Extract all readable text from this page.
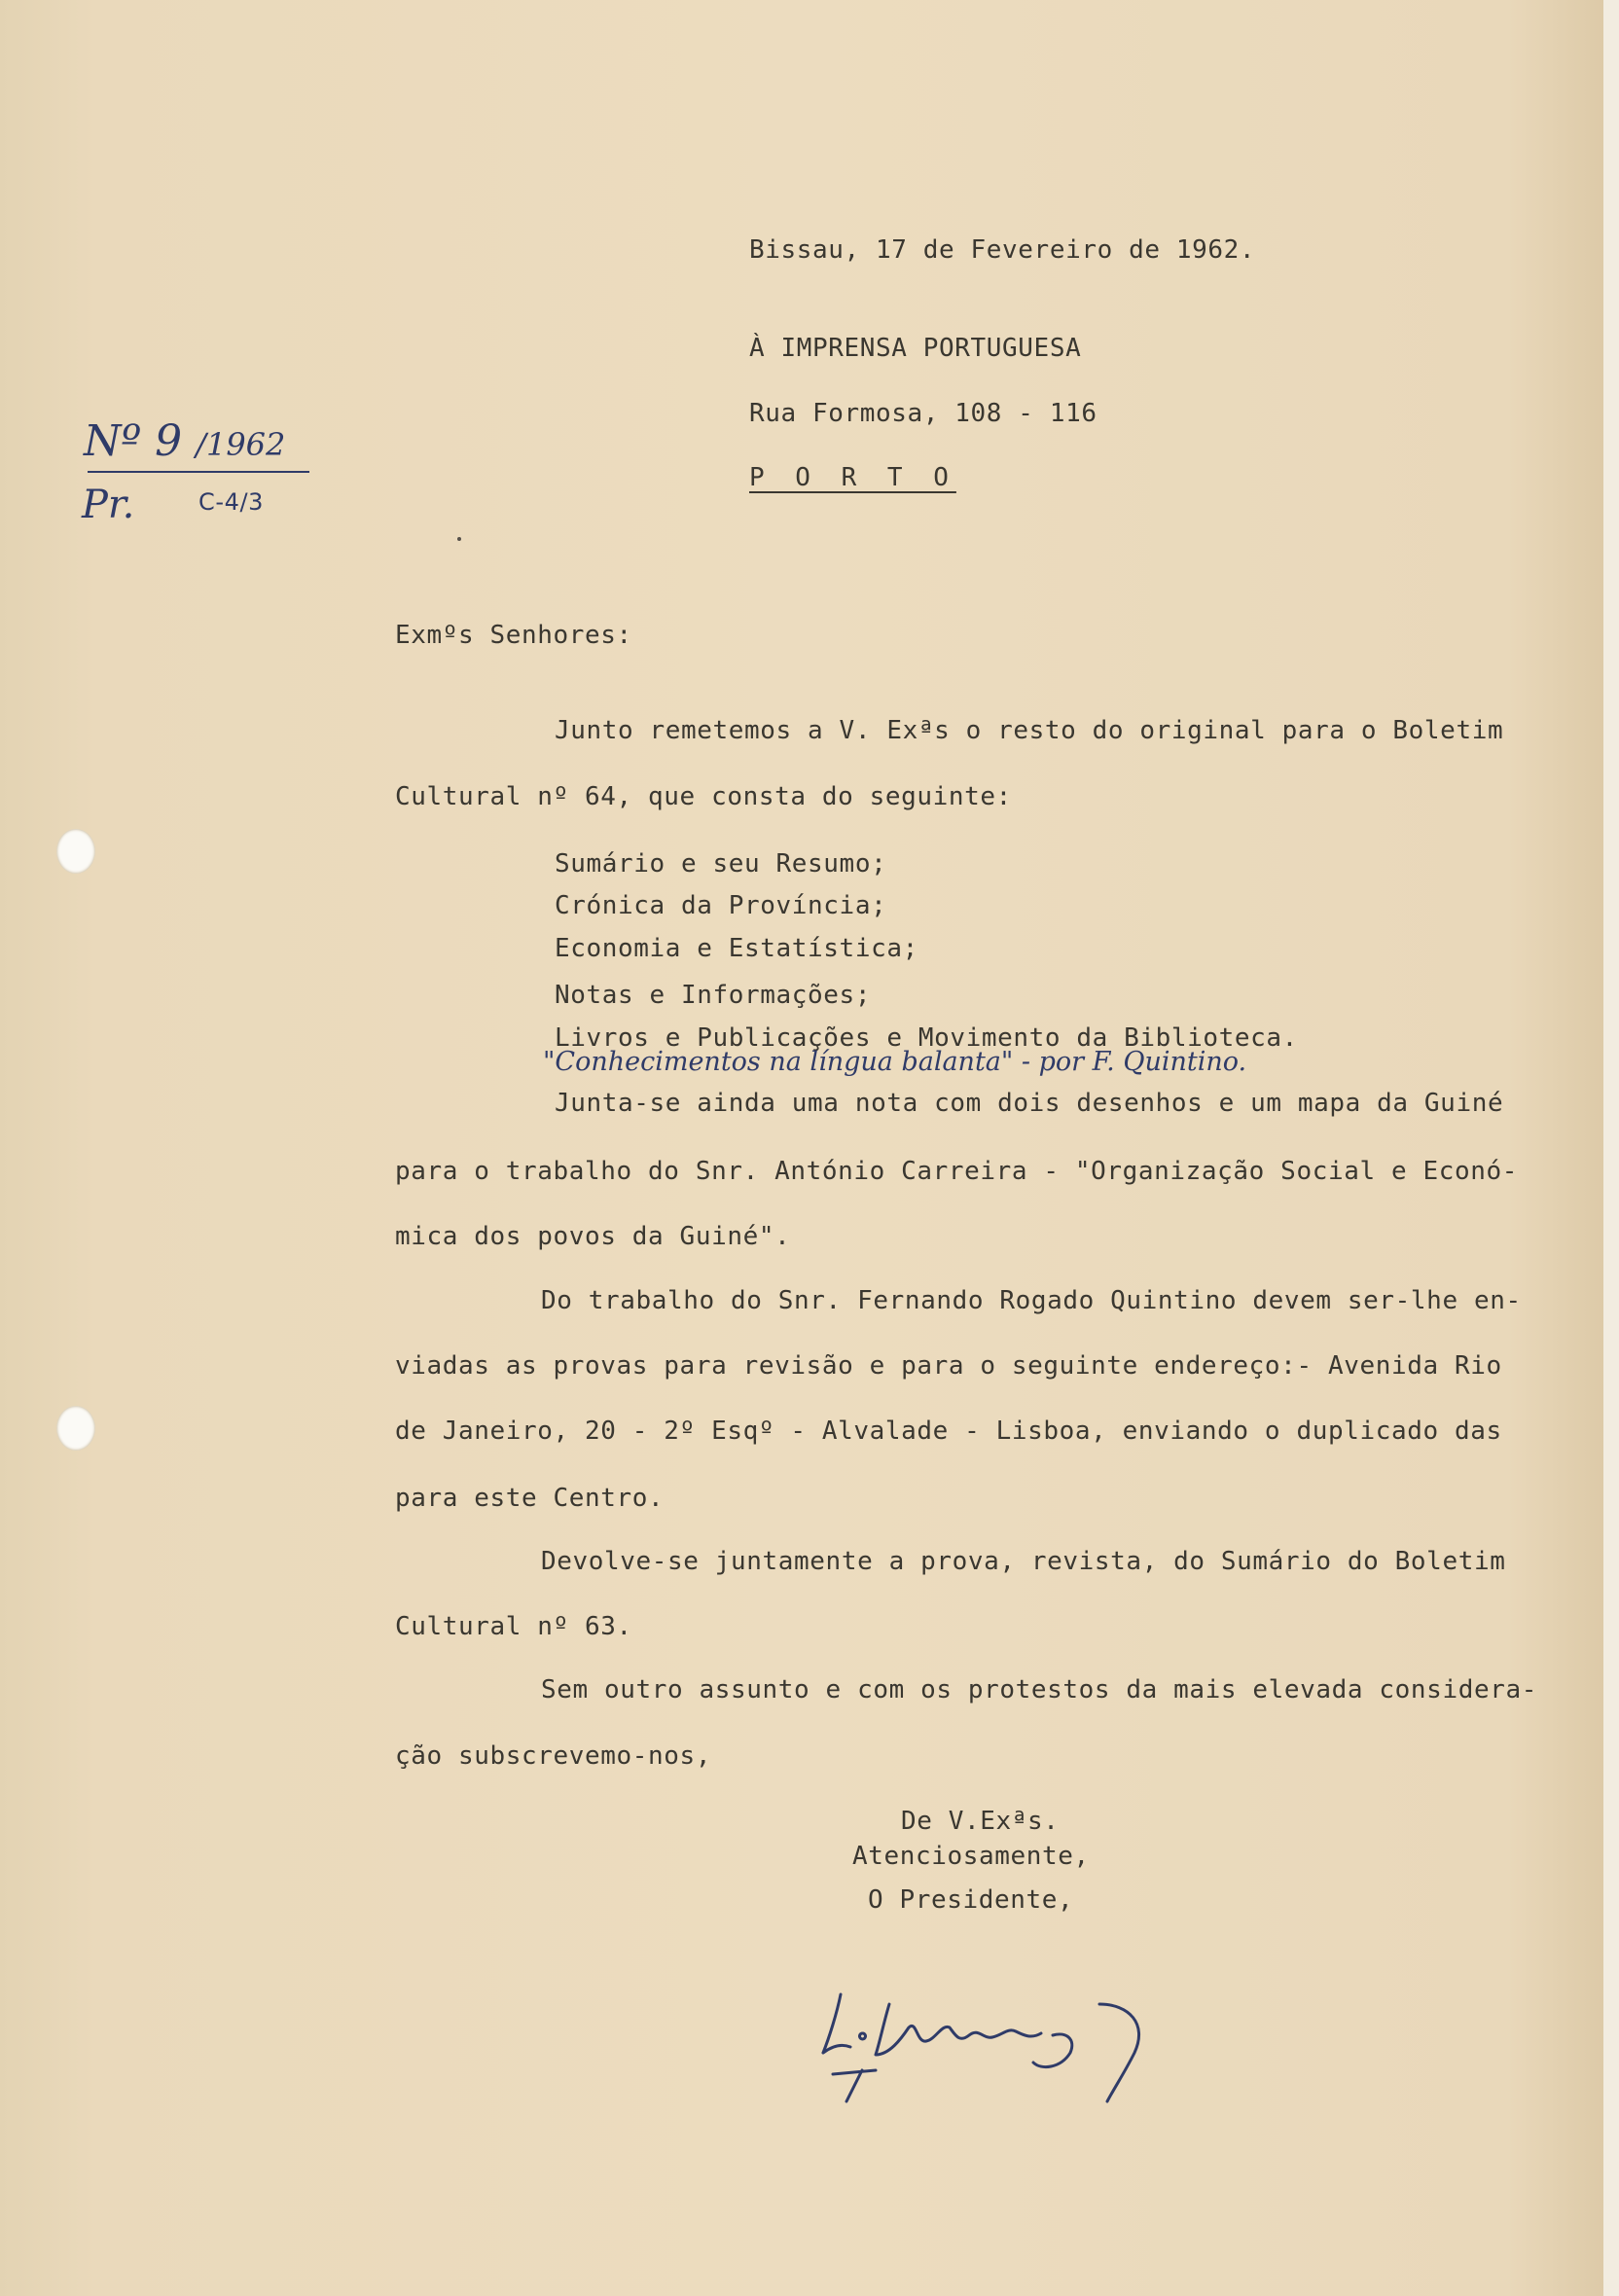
Bissau, 17 de Fevereiro de 1962.
À IMPRENSA PORTUGUESA
Rua Formosa, 108 - 116
P O R T O
Nº 9 /1962
Pr.	C-4/3
Exmºs Senhores:
Junto remetemos a V. Exªs o resto do original para o Boletim
Cultural nº 64, que consta do seguinte:
Sumário e seu Resumo;
Crónica da Província;
Economia e Estatística;
Notas e Informações;
Livros e Publicações e Movimento da Biblioteca.
"Conhecimentos na língua balanta" - por F. Quintino.
Junta-se ainda uma nota com dois desenhos e um mapa da Guiné
para o trabalho do Snr. António Carreira - "Organização Social e Econó-
mica dos povos da Guiné".
Do trabalho do Snr. Fernando Rogado Quintino devem ser-lhe en-
viadas as provas para revisão e para o seguinte endereço:- Avenida Rio
de Janeiro, 20 - 2º Esqº - Alvalade - Lisboa, enviando o duplicado das
para este Centro.
Devolve-se juntamente a prova, revista, do Sumário do Boletim
Cultural nº 63.
Sem outro assunto e com os protestos da mais elevada considera-
ção subscrevemo-nos,
De V.Exªs.
Atenciosamente,
O Presidente,
